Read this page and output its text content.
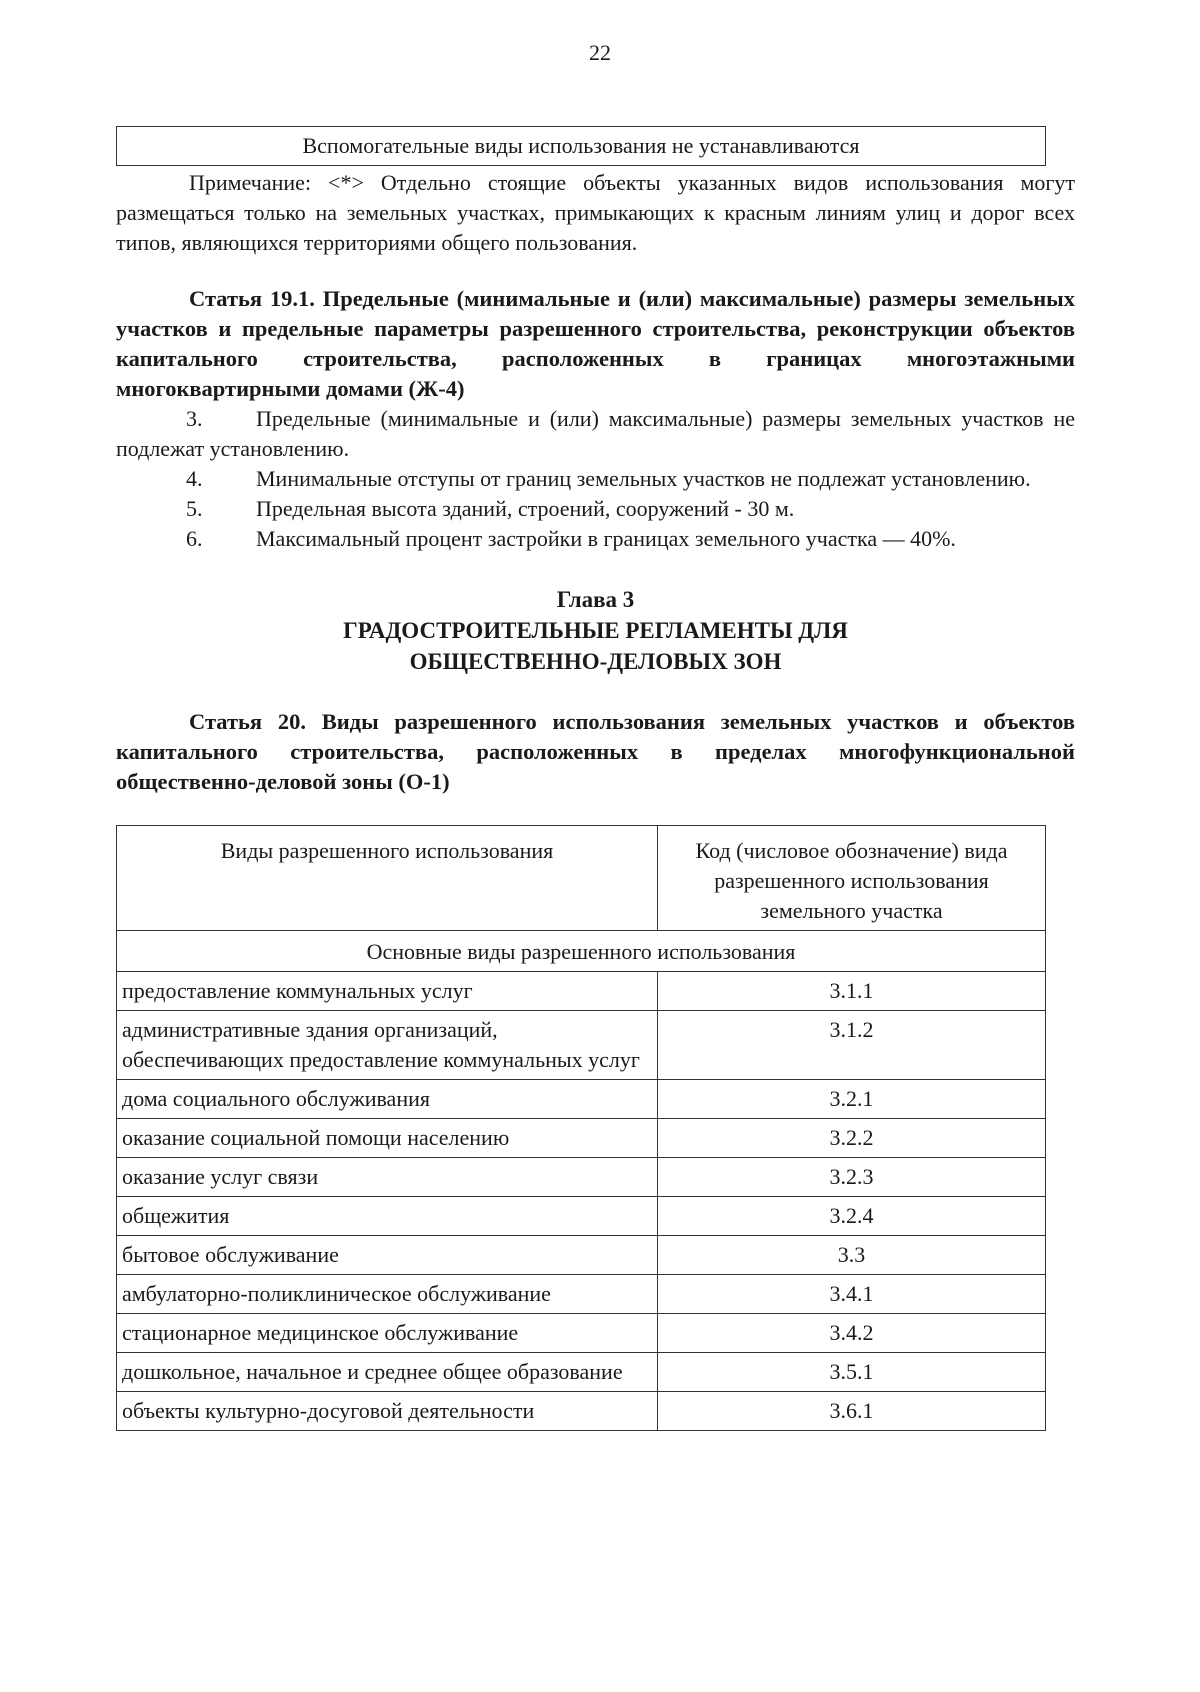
22
Вспомогательные виды использования не устанавливаются

Примечание: <*> Отдельно стоящие объекты указанных видов использования могут размещаться только на земельных участках, примыкающих к красным линиям улиц и дорог всех типов, являющихся территориями общего пользования.

Статья 19.1. Предельные (минимальные и (или) максимальные) размеры земельных участков и предельные параметры разрешенного строительства, реконструкции объектов капитального строительства, расположенных в границах многоэтажными многоквартирными домами (Ж-4)

3. Предельные (минимальные и (или) максимальные) размеры земельных участков не подлежат установлению.

4. Минимальные отступы от границ земельных участков не подлежат установлению.

5. Предельная высота зданий, строений, сооружений - 30 м.

6. Максимальный процент застройки в границах земельного участка — 40%.

Глава 3

ГРАДОСТРОИТЕЛЬНЫЕ РЕГЛАМЕНТЫ ДЛЯ

ОБЩЕСТВЕННО-ДЕЛОВЫХ ЗОН

Статья 20. Виды разрешенного использования земельных участков и объектов капитального строительства, расположенных в пределах многофункциональной общественно-деловой зоны (О-1)

Виды разрешенного использования	Код (числовое обозначение) вида разрешенного использования земельного участка
Основные виды разрешенного использования	
предоставление коммунальных услуг	3.1.1
административные здания организаций, обеспечивающих предоставление коммунальных услуг	3.1.2
дома социального обслуживания	3.2.1
оказание социальной помощи населению	3.2.2
оказание услуг связи	3.2.3
общежития	3.2.4
бытовое обслуживание	3.3
амбулаторно-поликлиническое обслуживание	3.4.1
стационарное медицинское обслуживание	3.4.2
дошкольное, начальное и среднее общее образование	3.5.1
объекты культурно-досуговой деятельности	3.6.1
